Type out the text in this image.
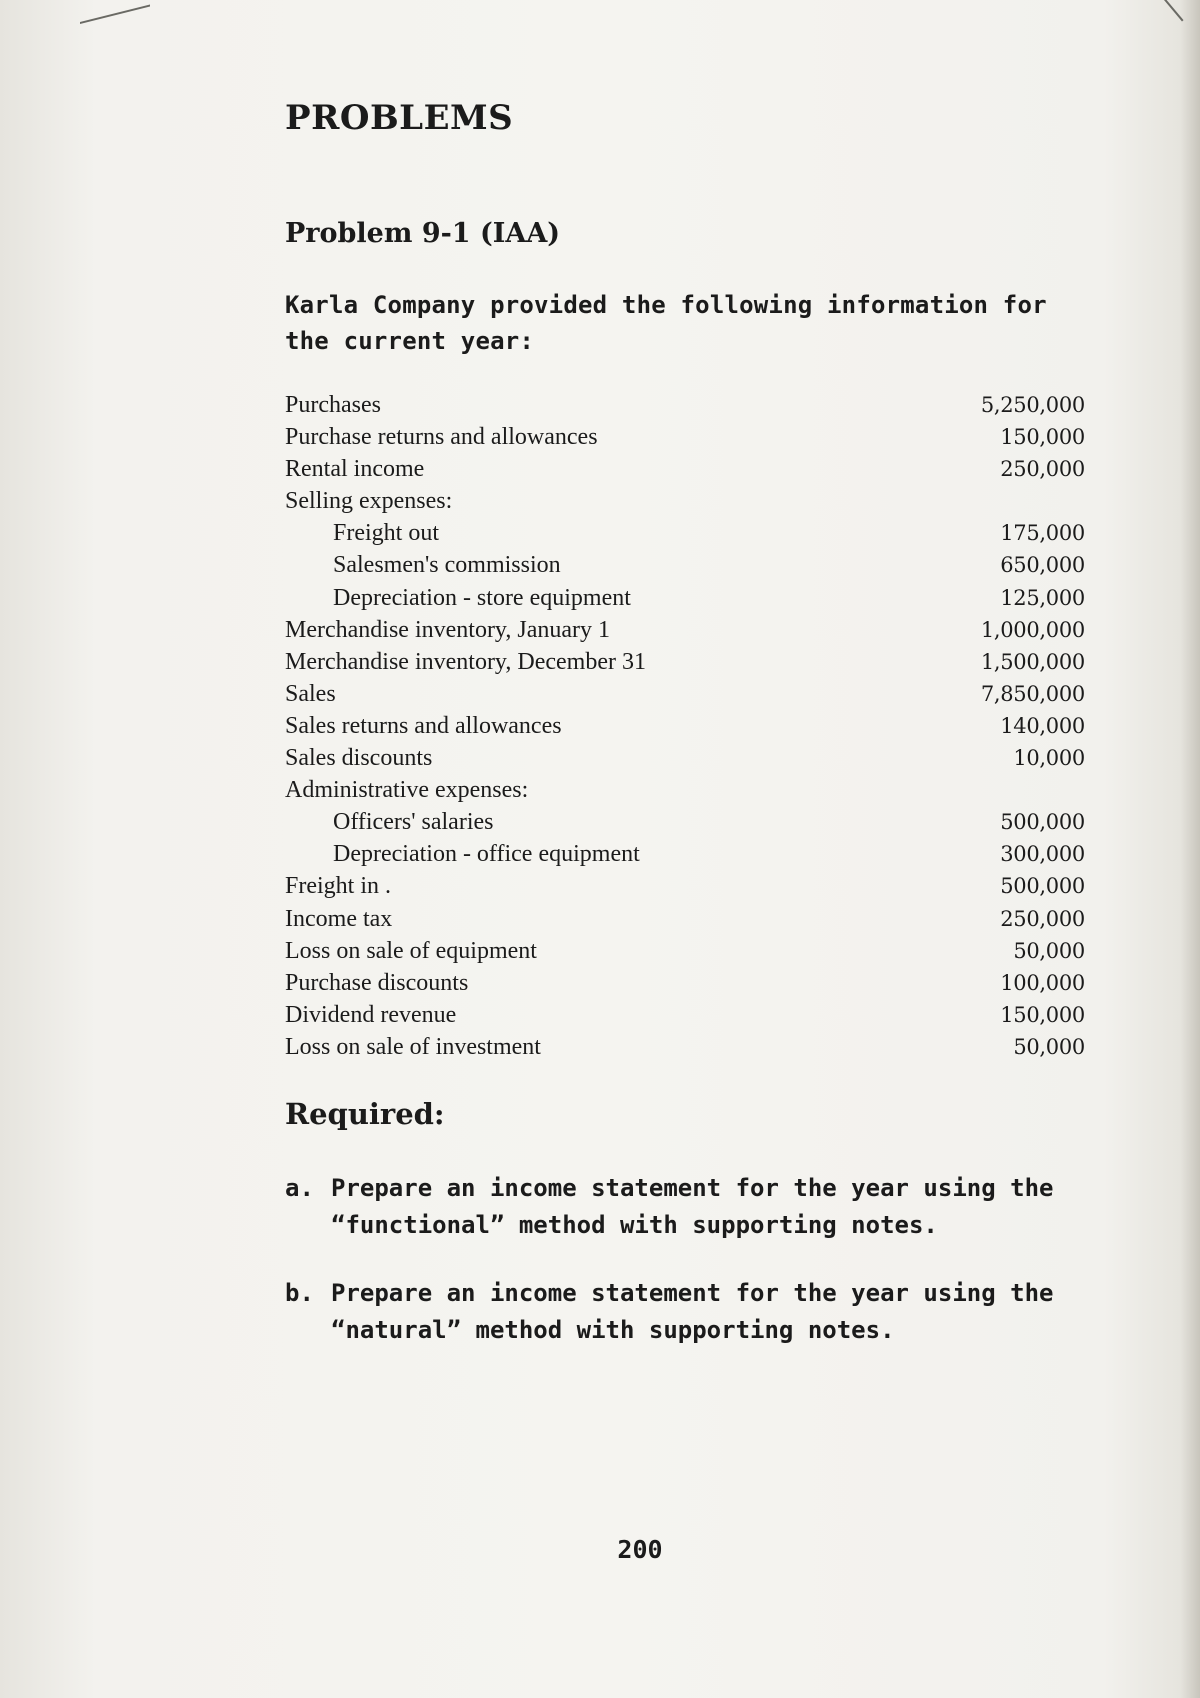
PROBLEMS
Problem 9-1 (IAA)

Karla Company provided the following information for the current year:

Purchases	5,250,000
Purchase returns and allowances	150,000
Rental income	250,000
Selling expenses:
Freight out	175,000
Salesmen's commission	650,000
Depreciation - store equipment	125,000
Merchandise inventory, January 1	1,000,000
Merchandise inventory, December 31	1,500,000
Sales	7,850,000
Sales returns and allowances	140,000
Sales discounts	10,000
Administrative expenses:
Officers' salaries	500,000
Depreciation - office equipment	300,000
Freight in .	500,000
Income tax	250,000
Loss on sale of equipment	50,000
Purchase discounts	100,000
Dividend revenue	150,000
Loss on sale of investment	50,000
Required:
a. Prepare an income statement for the year using the “functional” method with supporting notes.
b. Prepare an income statement for the year using the “natural” method with supporting notes.
200
